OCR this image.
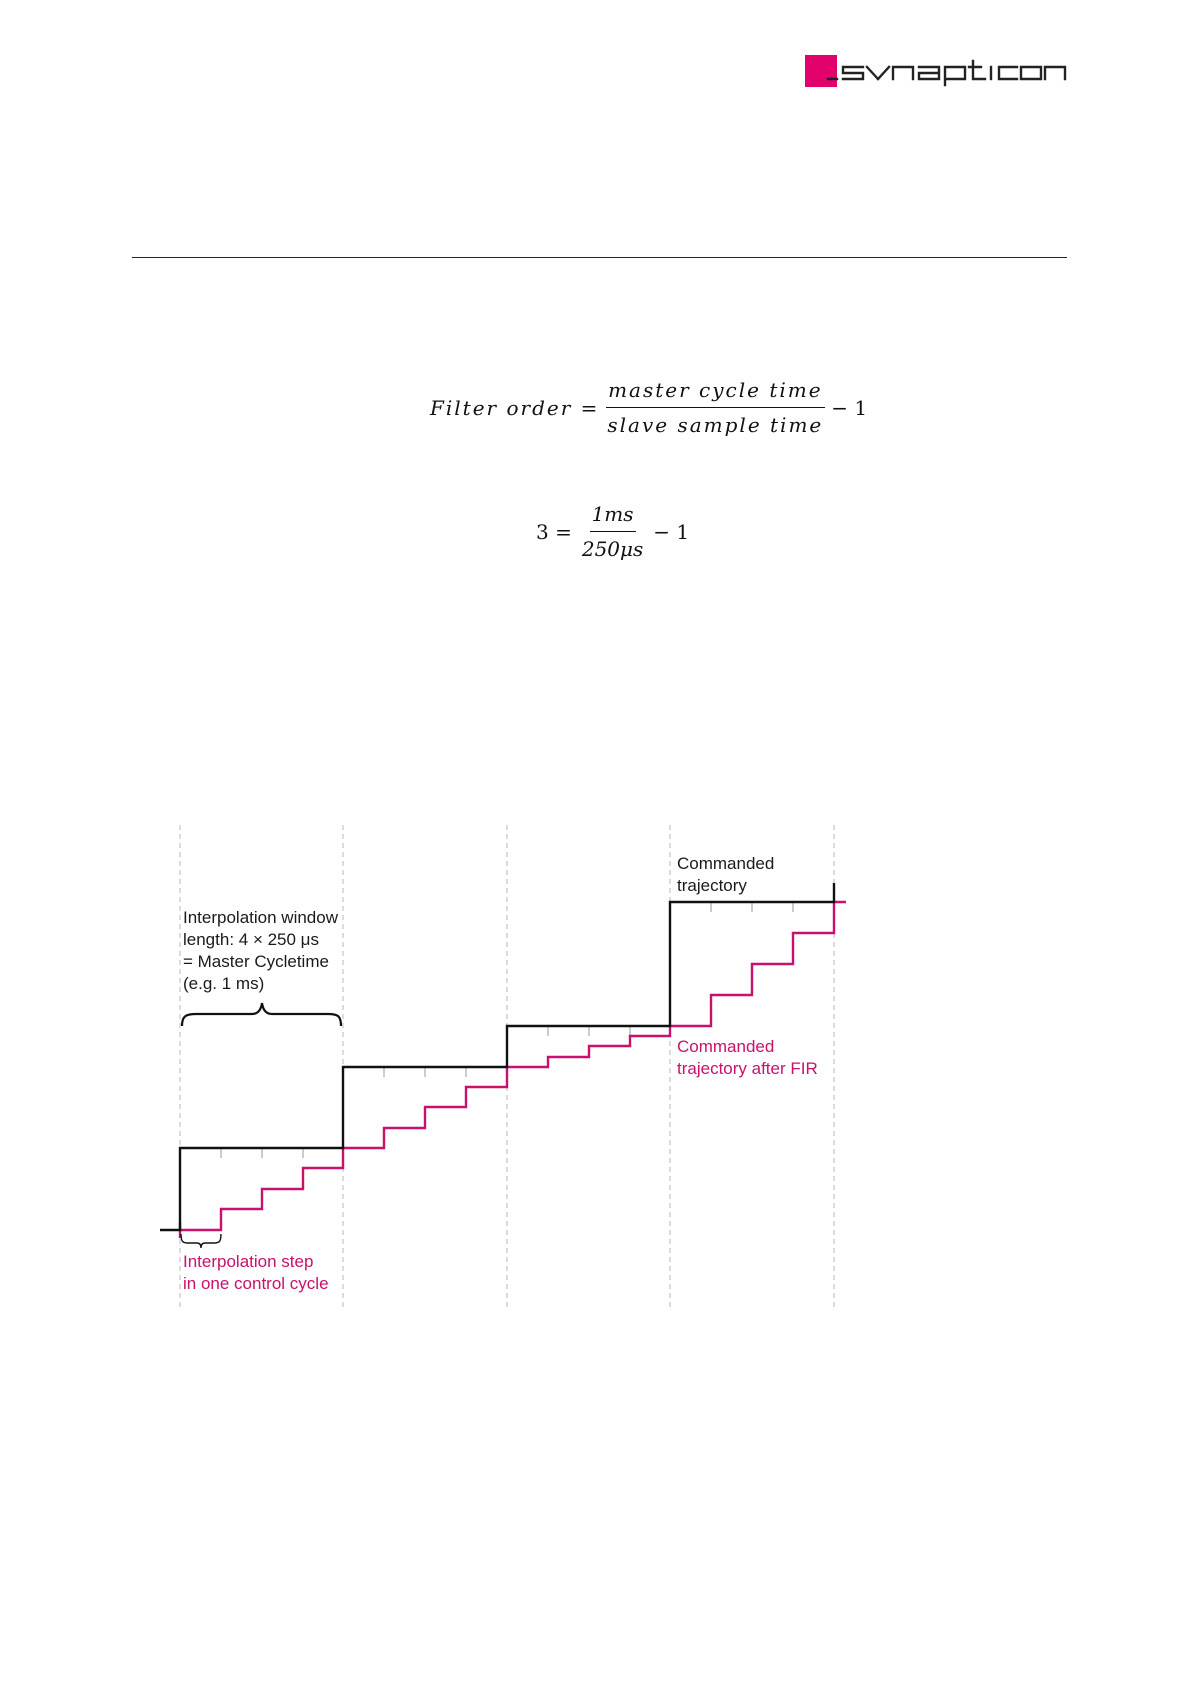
Filter order = $\frac{\text{master cycle time}}{\text{slave sample time}} - 1$
$3 = \frac{1ms}{250\mu s} - 1$
Interpolation window
length: 4 × 250 μs
= Master Cycletime
(e.g. 1 ms)
Commanded
trajectory
Commanded
trajectory after FIR
Interpolation step
in one control cycle
